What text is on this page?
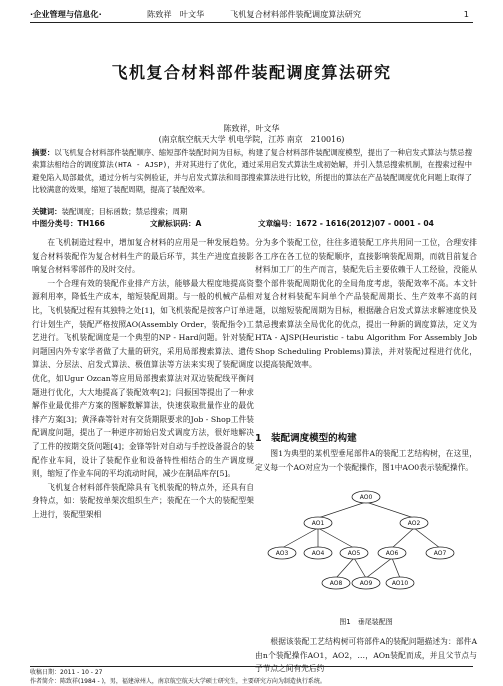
·企业管理与信息化·	陈致祥　叶文华	飞机复合材料部件装配调度算法研究	1
飞机复合材料部件装配调度算法研究
陈致祥，叶文华
(南京航空航天大学 机电学院，江苏 南京　210016)
摘要：以飞机复合材料部件装配顺序、缩短部件装配时间为目标，构建了复合材料部件装配调度模型，提出了一种启发式算法与禁忌搜索算法相结合的调度算法(HTA - AJSP)，并对其进行了优化，通过采用启发式算法生成初始解，并引入禁忌搜索机制，在搜索过程中避免陷入局部最优，通过分析与实例验证，并与启发式算法和局部搜索算法进行比较，所提出的算法在产品装配调度优化问题上取得了比较满意的效果，缩短了装配周期，提高了装配效率。
关键词：装配调度；目标函数；禁忌搜索；周期
中图分类号：TH166	文献标识码：A	文章编号：1672 - 1616(2012)07 - 0001 - 04

在飞机制造过程中，增加复合材料的应用是一种发展趋势。复合材料装配作为复合材料生产的最后环节，其生产进度直接影响复合材料零部件的及时交付。

一个合理有效的装配作业排产方法，能够最大程度地提高资源利用率，降低生产成本，缩短装配周期。与一般的机械产品相比，飞机装配过程有其独特之处[1]，如飞机装配是按客户订单进行计划生产，装配严格按照AO(Assembly Order，装配指令)工艺进行。飞机装配调度是一个典型的NP - Hard问题。针对装配问题国内外专家学者做了大量的研究，采用局部搜索算法、遗传算法、分层法、启发式算法、极值算法等方法来实现了装配调度优化，如Ugur Ozcan等应用局部搜索算法对双边装配线平衡问题进行优化，大大地提高了装配效率[2]；闫振国等提出了一种求解作业最优排产方案的图解数解算法，快速获取批量作业的最优排产方案[3]；黄泽森等针对有交货期限要求的Job - Shop工件装配调度问题，提出了一种逆序初始启发式调度方法，很好地解决了工件的按期交货问题[4]；金锋等针对自动与手控设备混合的装配作业车间，设计了装配作业和设备特性相结合的生产调度规则，缩短了作业车间的平均流动时间，减少在制品库存[5]。

飞机复合材料部件装配除具有飞机装配的特点外，还具有自身特点，如：装配按单架次组织生产；装配在一个大的装配型架上进行，装配型架相

分为多个装配工位，往往多道装配工序共用同一工位，合理安排各工序在各工位的装配顺序，直接影响装配周期，而就目前复合材料加工厂的生产而言，装配先后主要依赖于人工经验，没能从整个部件装配周期优化的全局角度考虑，装配效率不高。本文针对复合材料装配车间单个产品装配周期长、生产效率不高的问题，以缩短装配周期为目标，根据融合启发式算法求解速度快及禁忌搜索算法全局优化的优点，提出一种新的调度算法，定义为HTA - AJSP(Heuristic - tabu Algorithm For Assembly Job Shop Scheduling Problems)算法，并对装配过程进行优化，以提高装配效率。

1　装配调度模型的构建

图1为典型的某机型垂尾部件A的装配工艺结构树，在这里，定义每一个AO对应为一个装配操作，图1中AO0表示装配操作。

AO0
AO1	AO2
AO3	AO4	AO5	AO6	AO7
AO8	AO9	AO10
图1　垂尾装配图

根据该装配工艺结构树可将部件A的装配问题描述为：部件A由n个装配操作AO1，AO2，…，AOn装配而成，并且父节点与子节点之间有先后约

收稿日期：2011 - 10 - 27
作者简介：陈致祥(1984 - )，男，福建漳州人，南京航空航天大学硕士研究生，主要研究方向为制造执行系统。
